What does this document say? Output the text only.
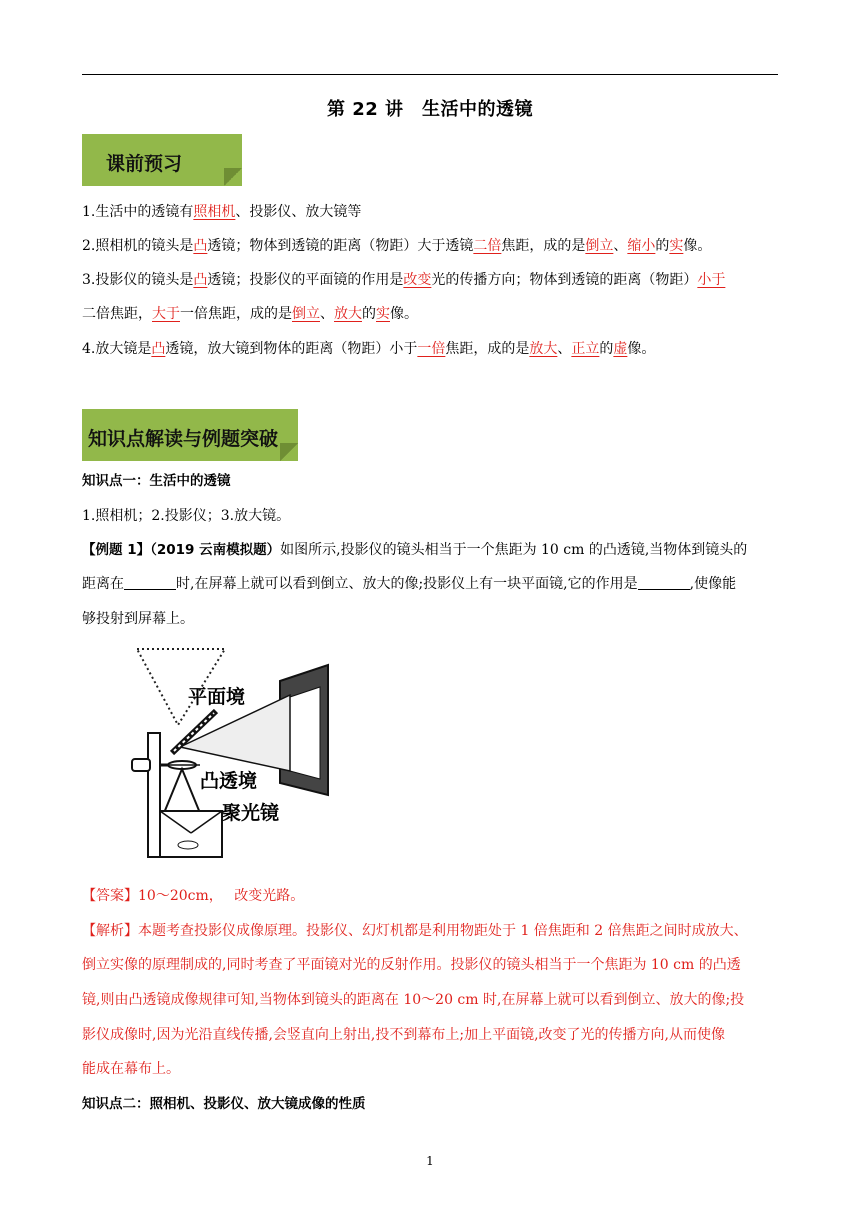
第 22 讲　生活中的透镜
课前预习
1.生活中的透镜有照相机、投影仪、放大镜等
2.照相机的镜头是凸透镜；物体到透镜的距离（物距）大于透镜二倍焦距，成的是倒立、缩小的实像。
3.投影仪的镜头是凸透镜；投影仪的平面镜的作用是改变光的传播方向；物体到透镜的距离（物距）小于
二倍焦距，大于一倍焦距，成的是倒立、放大的实像。
4.放大镜是凸透镜，放大镜到物体的距离（物距）小于一倍焦距，成的是放大、正立的虚像。
知识点解读与例题突破
知识点一：生活中的透镜
1.照相机；2.投影仪；3.放大镜。
【例题 1】（2019 云南模拟题）如图所示,投影仪的镜头相当于一个焦距为 10 cm 的凸透镜,当物体到镜头的
距离在	时,在屏幕上就可以看到倒立、放大的像;投影仪上有一块平面镜,它的作用是	,使像能
够投射到屏幕上。
平面境
凸透境
聚光镜
【答案】10～20cm，　 改变光路。
【解析】本题考查投影仪成像原理。投影仪、幻灯机都是利用物距处于 1 倍焦距和 2 倍焦距之间时成放大、
倒立实像的原理制成的,同时考查了平面镜对光的反射作用。投影仪的镜头相当于一个焦距为 10 cm 的凸透
镜,则由凸透镜成像规律可知,当物体到镜头的距离在 10～20 cm 时,在屏幕上就可以看到倒立、放大的像;投
影仪成像时,因为光沿直线传播,会竖直向上射出,投不到幕布上;加上平面镜,改变了光的传播方向,从而使像
能成在幕布上。
知识点二：照相机、投影仪、放大镜成像的性质
1
